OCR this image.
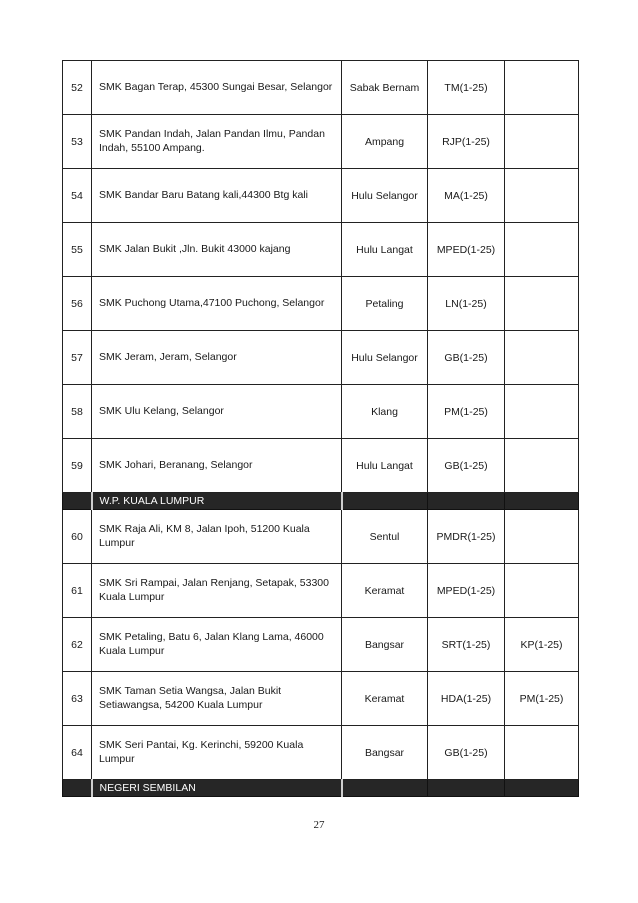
52	SMK Bagan Terap, 45300 Sungai Besar, Selangor	Sabak Bernam	TM(1-25)	
53	SMK Pandan Indah, Jalan Pandan Ilmu, Pandan Indah, 55100 Ampang.	Ampang	RJP(1-25)	
54	SMK Bandar Baru Batang kali,44300 Btg kali	Hulu Selangor	MA(1-25)	
55	SMK Jalan Bukit ,Jln. Bukit 43000 kajang	Hulu Langat	MPED(1-25)	
56	SMK Puchong Utama,47100 Puchong, Selangor	Petaling	LN(1-25)	
57	SMK Jeram, Jeram, Selangor	Hulu Selangor	GB(1-25)	
58	SMK Ulu Kelang, Selangor	Klang	PM(1-25)	
59	SMK Johari, Beranang, Selangor	Hulu Langat	GB(1-25)	
	W.P. KUALA LUMPUR			
60	SMK Raja Ali, KM 8, Jalan Ipoh, 51200 Kuala Lumpur	Sentul	PMDR(1-25)	
61	SMK Sri Rampai, Jalan Renjang, Setapak, 53300 Kuala Lumpur	Keramat	MPED(1-25)	
62	SMK Petaling, Batu 6, Jalan Klang Lama, 46000 Kuala Lumpur	Bangsar	SRT(1-25)	KP(1-25)
63	SMK Taman Setia Wangsa, Jalan Bukit Setiawangsa, 54200 Kuala Lumpur	Keramat	HDA(1-25)	PM(1-25)
64	SMK Seri Pantai, Kg. Kerinchi, 59200 Kuala Lumpur	Bangsar	GB(1-25)	
	NEGERI SEMBILAN			
27
